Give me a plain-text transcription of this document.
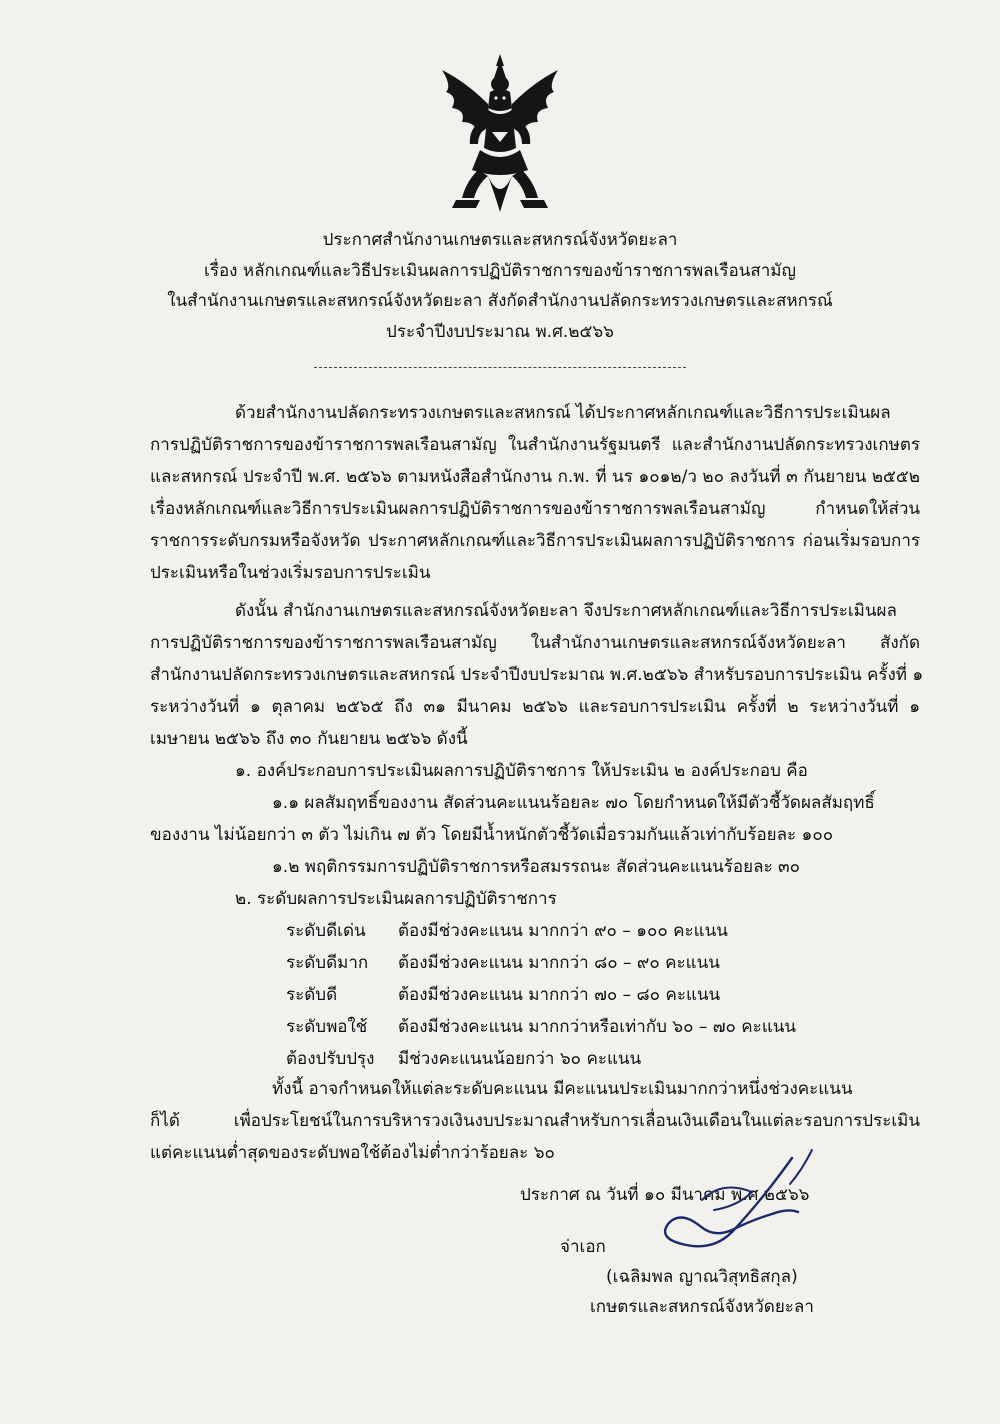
ประกาศสำนักงานเกษตรและสหกรณ์จังหวัดยะลา
เรื่อง หลักเกณฑ์และวิธีประเมินผลการปฏิบัติราชการของข้าราชการพลเรือนสามัญ
ในสำนักงานเกษตรและสหกรณ์จังหวัดยะลา สังกัดสำนักงานปลัดกระทรวงเกษตรและสหกรณ์
ประจำปีงบประมาณ พ.ศ.๒๕๖๖
ด้วยสำนักงานปลัดกระทรวงเกษตรและสหกรณ์ ได้ประกาศหลักเกณฑ์และวิธีการประเมินผล
การปฏิบัติราชการของข้าราชการพลเรือนสามัญ ในสำนักงานรัฐมนตรี และสำนักงานปลัดกระทรวงเกษตร
และสหกรณ์ ประจำปี พ.ศ. ๒๕๖๖ ตามหนังสือสำนักงาน ก.พ. ที่ นร ๑๐๑๒/ว ๒๐ ลงวันที่ ๓ กันยายน ๒๕๕๒
เรื่องหลักเกณฑ์และวิธีการประเมินผลการปฏิบัติราชการของข้าราชการพลเรือนสามัญ กำหนดให้ส่วน
ราชการระดับกรมหรือจังหวัด ประกาศหลักเกณฑ์และวิธีการประเมินผลการปฏิบัติราชการ ก่อนเริ่มรอบการ
ประเมินหรือในช่วงเริ่มรอบการประเมิน
ดังนั้น สำนักงานเกษตรและสหกรณ์จังหวัดยะลา จึงประกาศหลักเกณฑ์และวิธีการประเมินผล
การปฏิบัติราชการของข้าราชการพลเรือนสามัญ ในสำนักงานเกษตรและสหกรณ์จังหวัดยะลา สังกัด
สำนักงานปลัดกระทรวงเกษตรและสหกรณ์ ประจำปีงบประมาณ พ.ศ.๒๕๖๖ สำหรับรอบการประเมิน ครั้งที่ ๑
ระหว่างวันที่ ๑ ตุลาคม ๒๕๖๕ ถึง ๓๑ มีนาคม ๒๕๖๖ และรอบการประเมิน ครั้งที่ ๒ ระหว่างวันที่ ๑
เมษายน ๒๕๖๖ ถึง ๓๐ กันยายน ๒๕๖๖ ดังนี้
๑. องค์ประกอบการประเมินผลการปฏิบัติราชการ ให้ประเมิน ๒ องค์ประกอบ คือ
๑.๑ ผลสัมฤทธิ์ของงาน สัดส่วนคะแนนร้อยละ ๗๐ โดยกำหนดให้มีตัวชี้วัดผลสัมฤทธิ์
ของงาน ไม่น้อยกว่า ๓ ตัว ไม่เกิน ๗ ตัว โดยมีน้ำหนักตัวชี้วัดเมื่อรวมกันแล้วเท่ากับร้อยละ ๑๐๐
๑.๒ พฤติกรรมการปฏิบัติราชการหรือสมรรถนะ สัดส่วนคะแนนร้อยละ ๓๐
๒. ระดับผลการประเมินผลการปฏิบัติราชการ
ระดับดีเด่น ต้องมีช่วงคะแนน มากกว่า ๙๐ – ๑๐๐ คะแนน
ระดับดีมาก ต้องมีช่วงคะแนน มากกว่า ๘๐ – ๙๐ คะแนน
ระดับดี	ต้องมีช่วงคะแนน มากกว่า ๗๐ – ๘๐ คะแนน
ระดับพอใช้ ต้องมีช่วงคะแนน มากกว่าหรือเท่ากับ ๖๐ – ๗๐ คะแนน
ต้องปรับปรุง มีช่วงคะแนนน้อยกว่า ๖๐ คะแนน
ทั้งนี้ อาจกำหนดให้แต่ละระดับคะแนน มีคะแนนประเมินมากกว่าหนึ่งช่วงคะแนน
ก็ได้ เพื่อประโยชน์ในการบริหารวงเงินงบประมาณสำหรับการเลื่อนเงินเดือนในแต่ละรอบการประเมิน
แต่คะแนนต่ำสุดของระดับพอใช้ต้องไม่ต่ำกว่าร้อยละ ๖๐
ประกาศ ณ วันที่ ๑๐ มีนาคม พ.ศ.๒๕๖๖
จ่าเอก
(เฉลิมพล ญาณวิสุทธิสกุล)
เกษตรและสหกรณ์จังหวัดยะลา
